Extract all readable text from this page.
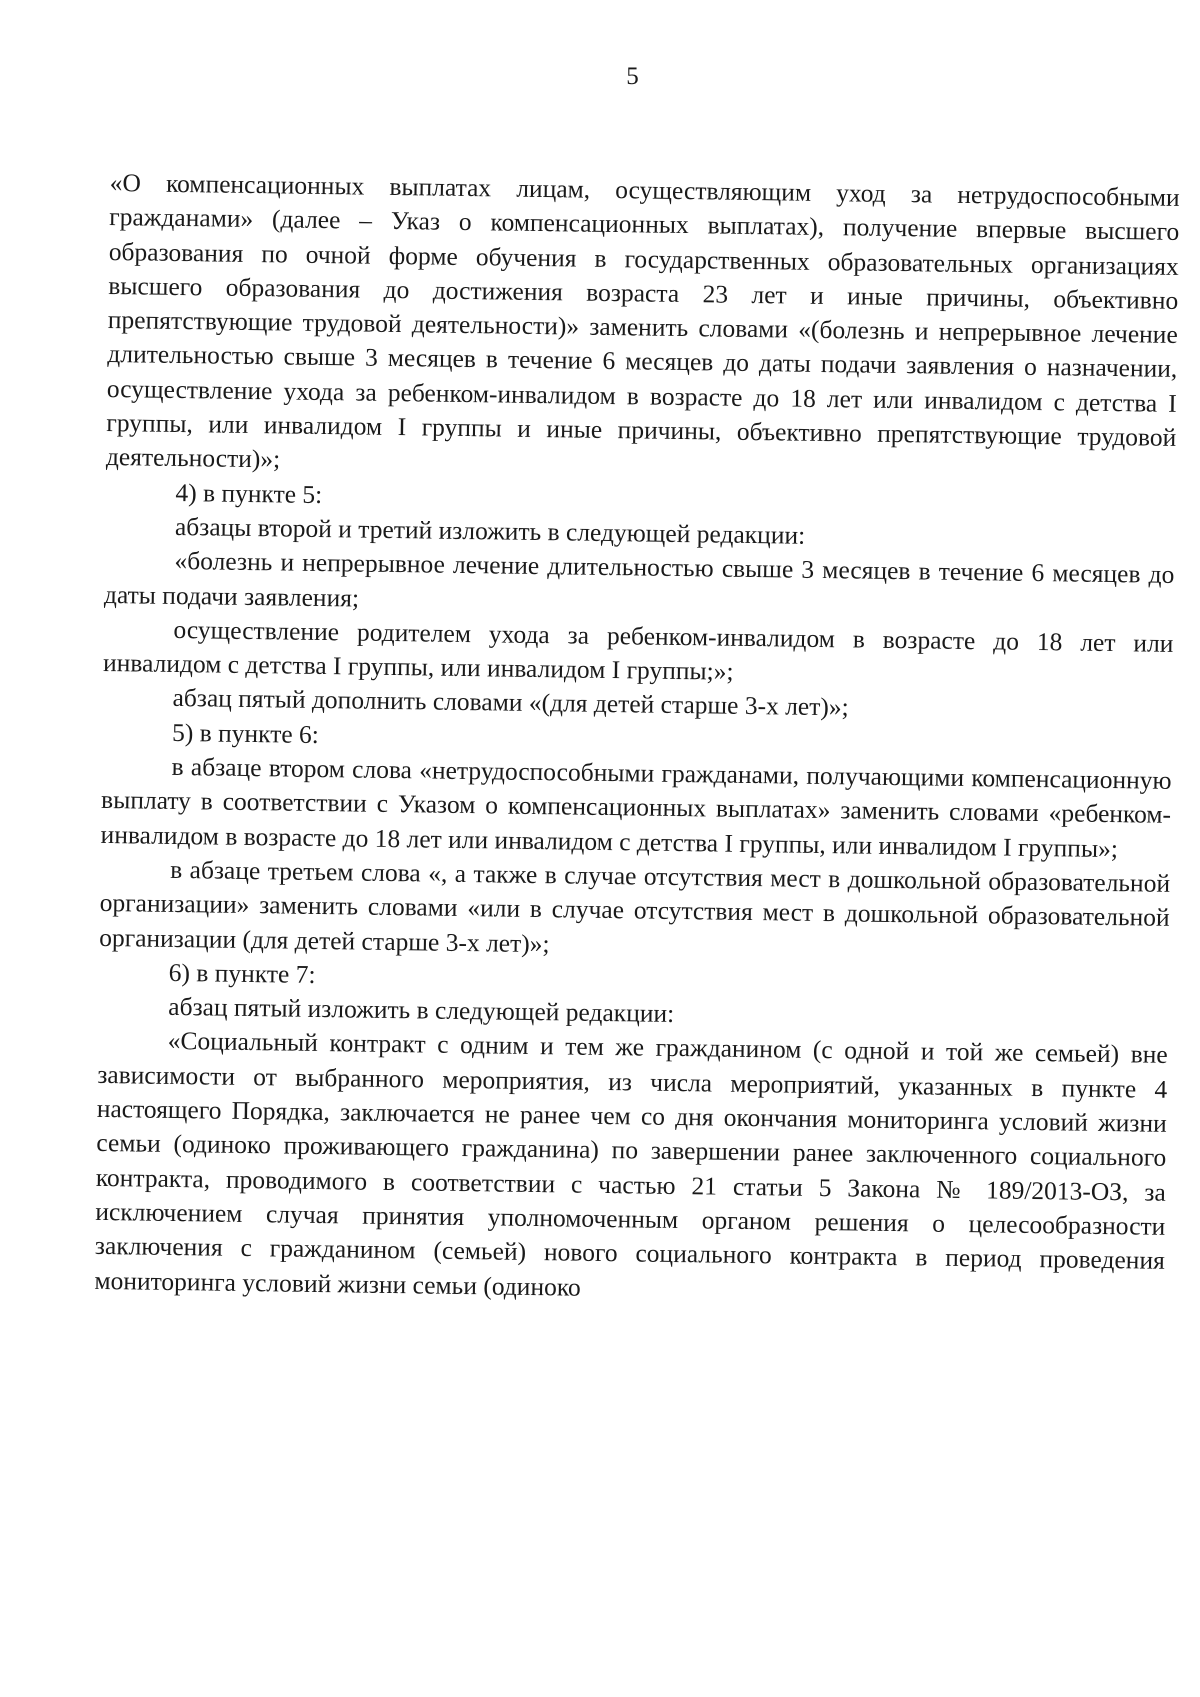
5

«О компенсационных выплатах лицам, осуществляющим уход за нетрудоспособными гражданами» (далее – Указ о компенсационных выплатах), получение впервые высшего образования по очной форме обучения в государственных образовательных организациях высшего образования до достижения возраста 23 лет и иные причины, объективно препятствующие трудовой деятельности)» заменить словами «(болезнь и непрерывное лечение длительностью свыше 3 месяцев в течение 6 месяцев до даты подачи заявления о назначении, осуществление ухода за ребенком-инвалидом в возрасте до 18 лет или инвалидом с детства I группы, или инвалидом I группы и иные причины, объективно препятствующие трудовой деятельности)»;

4) в пункте 5:

абзацы второй и третий изложить в следующей редакции:

«болезнь и непрерывное лечение длительностью свыше 3 месяцев в течение 6 месяцев до даты подачи заявления;

осуществление родителем ухода за ребенком-инвалидом в возрасте до 18 лет или инвалидом с детства I группы, или инвалидом I группы;»;

абзац пятый дополнить словами «(для детей старше 3-х лет)»;

5) в пункте 6:

в абзаце втором слова «нетрудоспособными гражданами, получающими компенсационную выплату в соответствии с Указом о компенсационных выплатах» заменить словами «ребенком-инвалидом в возрасте до 18 лет или инвалидом с детства I группы, или инвалидом I группы»;

в абзаце третьем слова «, а также в случае отсутствия мест в дошкольной образовательной организации» заменить словами «или в случае отсутствия мест в дошкольной образовательной организации (для детей старше 3-х лет)»;

6) в пункте 7:

абзац пятый изложить в следующей редакции:

«Социальный контракт с одним и тем же гражданином (с одной и той же семьей) вне зависимости от выбранного мероприятия, из числа мероприятий, указанных в пункте 4 настоящего Порядка, заключается не ранее чем со дня окончания мониторинга условий жизни семьи (одиноко проживающего гражданина) по завершении ранее заключенного социального контракта, проводимого в соответствии с частью 21 статьи 5 Закона № 189/2013-ОЗ, за исключением случая принятия уполномоченным органом решения о целесообразности заключения с гражданином (семьей) нового социального контракта в период проведения мониторинга условий жизни семьи (одиноко
